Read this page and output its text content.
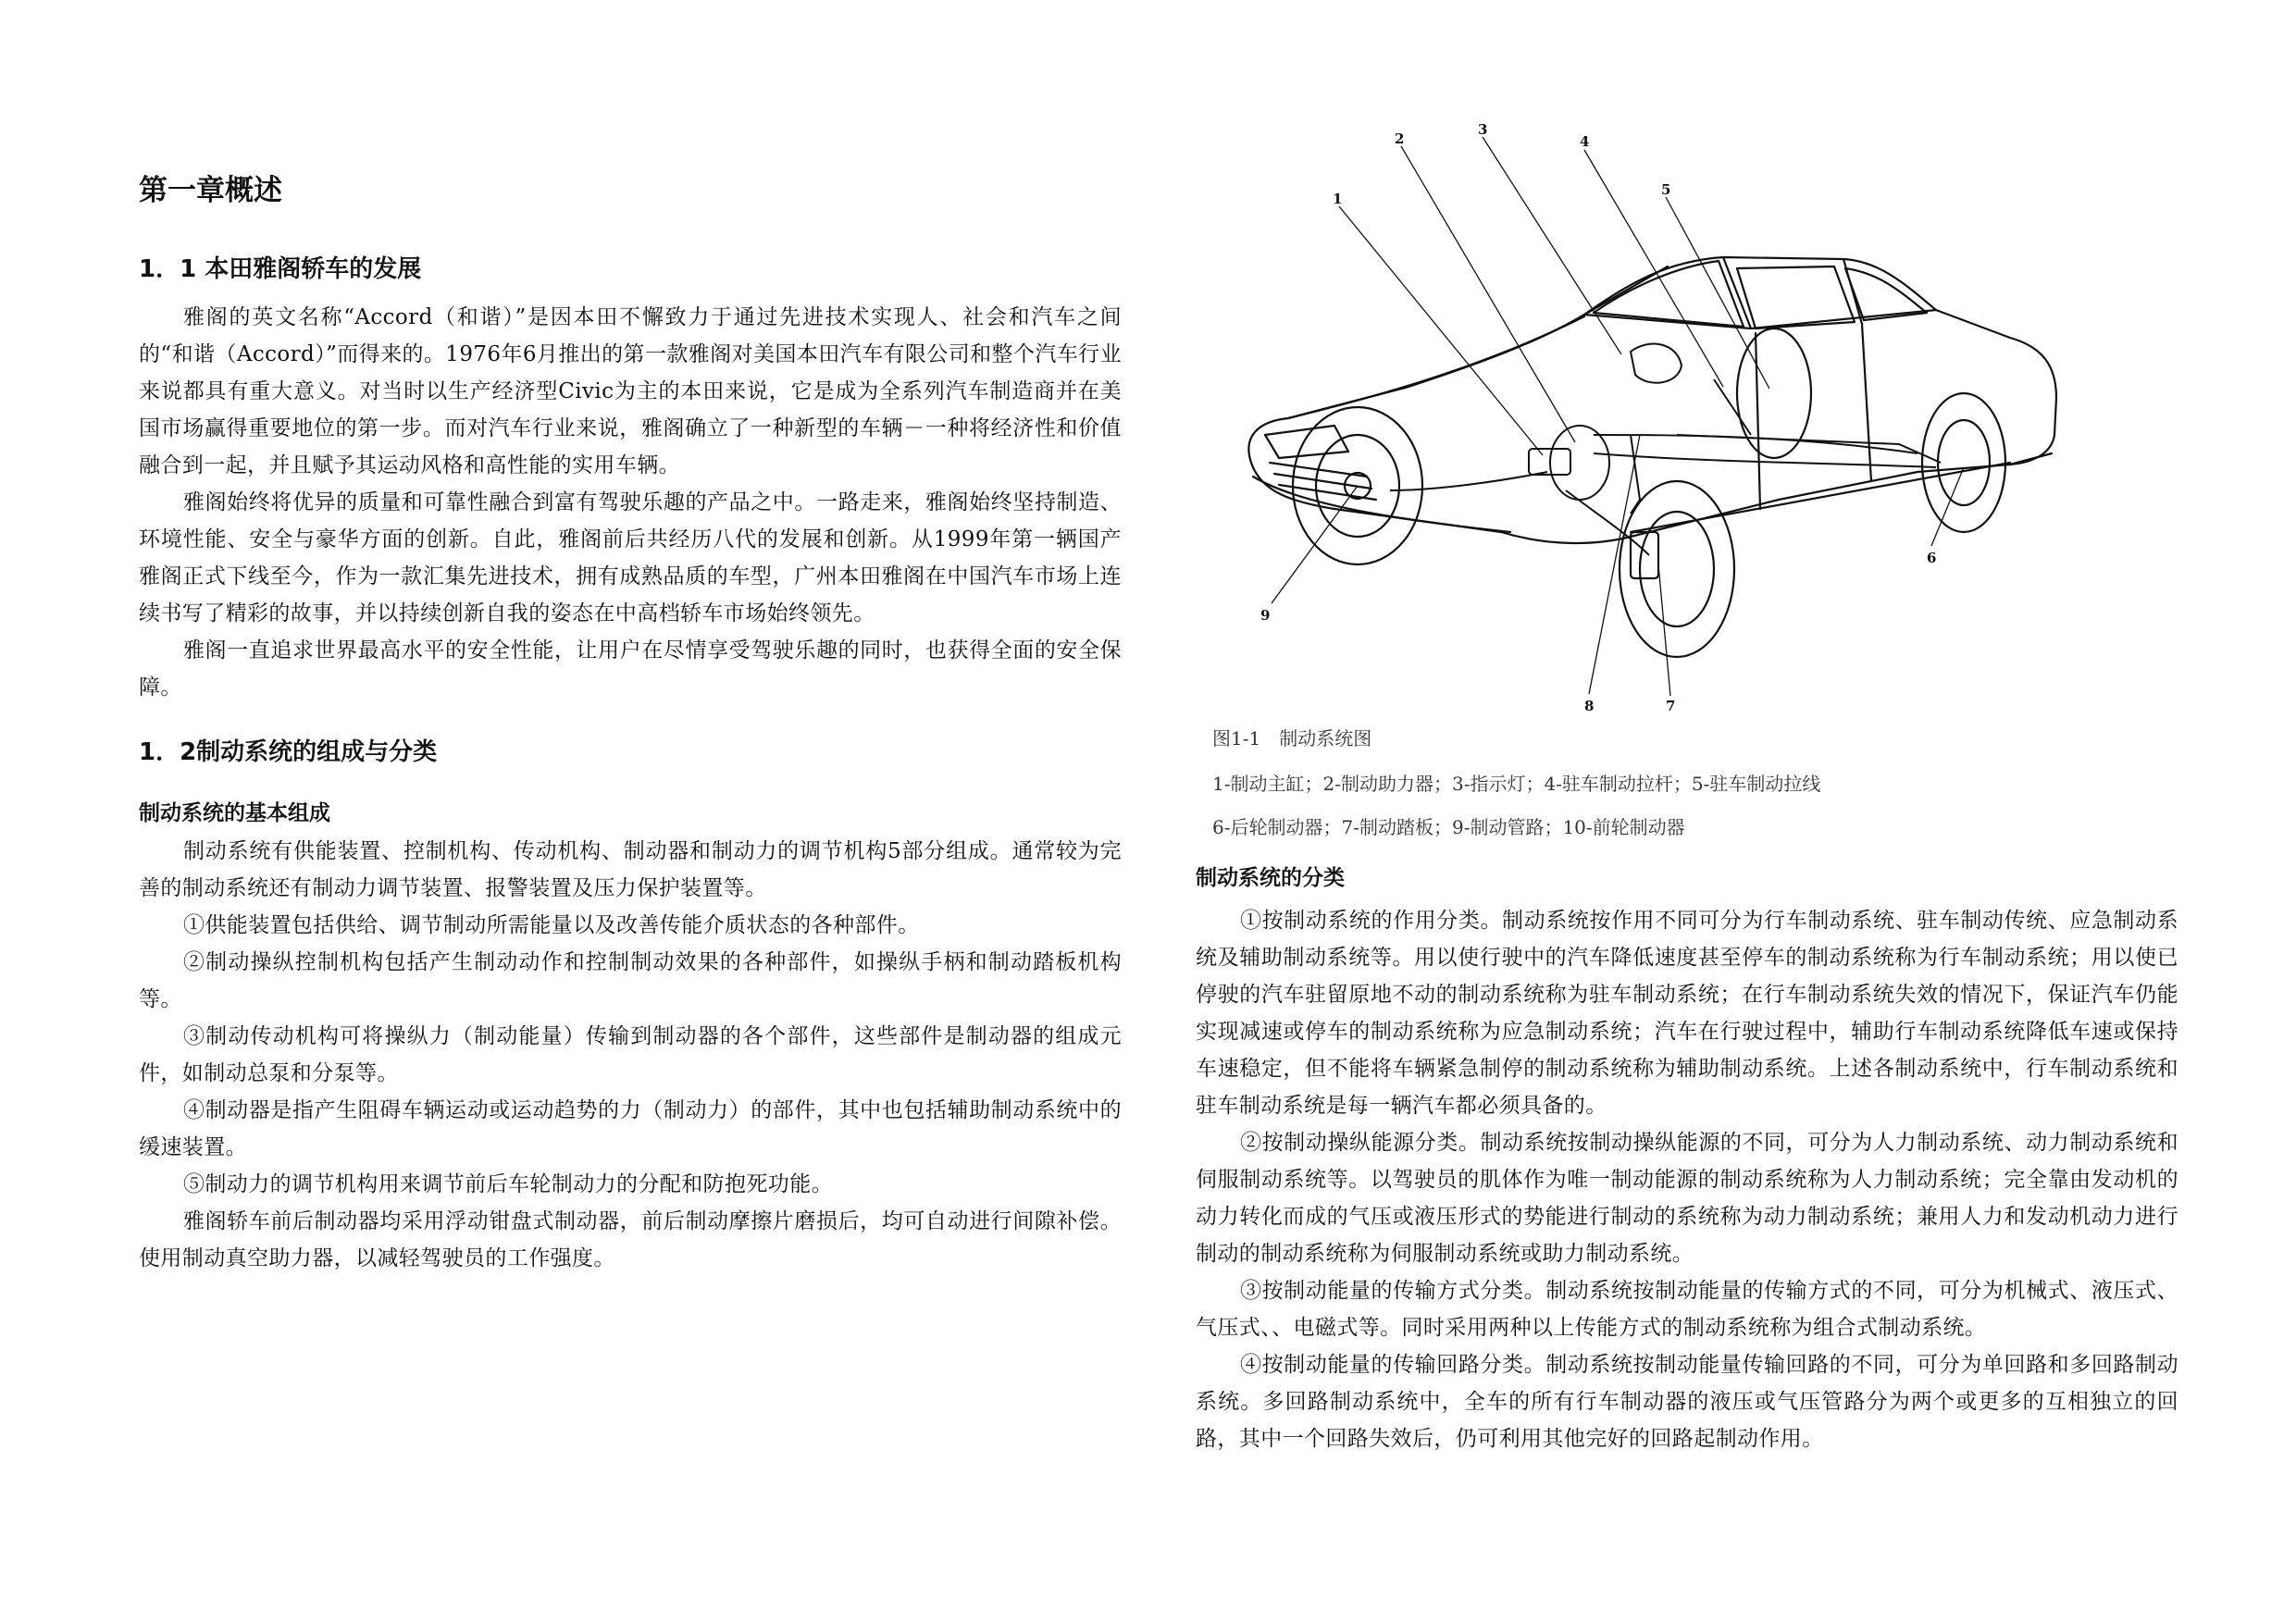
第一章概述
1．1 本田雅阁轿车的发展

雅阁的英文名称“Accord（和谐）”是因本田不懈致力于通过先进技术实现人、社会和汽车之间的“和谐（Accord）”而得来的。1976年6月推出的第一款雅阁对美国本田汽车有限公司和整个汽车行业来说都具有重大意义。对当时以生产经济型Civic为主的本田来说，它是成为全系列汽车制造商并在美国市场赢得重要地位的第一步。而对汽车行业来说，雅阁确立了一种新型的车辆－一种将经济性和价值融合到一起，并且赋予其运动风格和高性能的实用车辆。

雅阁始终将优异的质量和可靠性融合到富有驾驶乐趣的产品之中。一路走来，雅阁始终坚持制造、环境性能、安全与豪华方面的创新。自此，雅阁前后共经历八代的发展和创新。从1999年第一辆国产雅阁正式下线至今，作为一款汇集先进技术，拥有成熟品质的车型，广州本田雅阁在中国汽车市场上连续书写了精彩的故事，并以持续创新自我的姿态在中高档轿车市场始终领先。

雅阁一直追求世界最高水平的安全性能，让用户在尽情享受驾驶乐趣的同时，也获得全面的安全保障。

1．2制动系统的组成与分类
制动系统的基本组成

制动系统有供能装置、控制机构、传动机构、制动器和制动力的调节机构5部分组成。通常较为完善的制动系统还有制动力调节装置、报警装置及压力保护装置等。

①供能装置包括供给、调节制动所需能量以及改善传能介质状态的各种部件。

②制动操纵控制机构包括产生制动动作和控制制动效果的各种部件，如操纵手柄和制动踏板机构等。

③制动传动机构可将操纵力（制动能量）传输到制动器的各个部件，这些部件是制动器的组成元件，如制动总泵和分泵等。

④制动器是指产生阻碍车辆运动或运动趋势的力（制动力）的部件，其中也包括辅助制动系统中的缓速装置。

⑤制动力的调节机构用来调节前后车轮制动力的分配和防抱死功能。

雅阁轿车前后制动器均采用浮动钳盘式制动器，前后制动摩擦片磨损后，均可自动进行间隙补偿。使用制动真空助力器，以减轻驾驶员的工作强度。

1
2
3
4
5
6
7
8
9

图1-1　制动系统图

1-制动主缸；2-制动助力器；3-指示灯；4-驻车制动拉杆；5-驻车制动拉线

6-后轮制动器；7-制动踏板；9-制动管路；10-前轮制动器

制动系统的分类

①按制动系统的作用分类。制动系统按作用不同可分为行车制动系统、驻车制动传统、应急制动系统及辅助制动系统等。用以使行驶中的汽车降低速度甚至停车的制动系统称为行车制动系统；用以使已停驶的汽车驻留原地不动的制动系统称为驻车制动系统；在行车制动系统失效的情况下，保证汽车仍能实现减速或停车的制动系统称为应急制动系统；汽车在行驶过程中，辅助行车制动系统降低车速或保持车速稳定，但不能将车辆紧急制停的制动系统称为辅助制动系统。上述各制动系统中，行车制动系统和驻车制动系统是每一辆汽车都必须具备的。

②按制动操纵能源分类。制动系统按制动操纵能源的不同，可分为人力制动系统、动力制动系统和伺服制动系统等。以驾驶员的肌体作为唯一制动能源的制动系统称为人力制动系统；完全靠由发动机的动力转化而成的气压或液压形式的势能进行制动的系统称为动力制动系统；兼用人力和发动机动力进行制动的制动系统称为伺服制动系统或助力制动系统。

③按制动能量的传输方式分类。制动系统按制动能量的传输方式的不同，可分为机械式、液压式、气压式、、电磁式等。同时采用两种以上传能方式的制动系统称为组合式制动系统。

④按制动能量的传输回路分类。制动系统按制动能量传输回路的不同，可分为单回路和多回路制动系统。多回路制动系统中，全车的所有行车制动器的液压或气压管路分为两个或更多的互相独立的回路，其中一个回路失效后，仍可利用其他完好的回路起制动作用。
